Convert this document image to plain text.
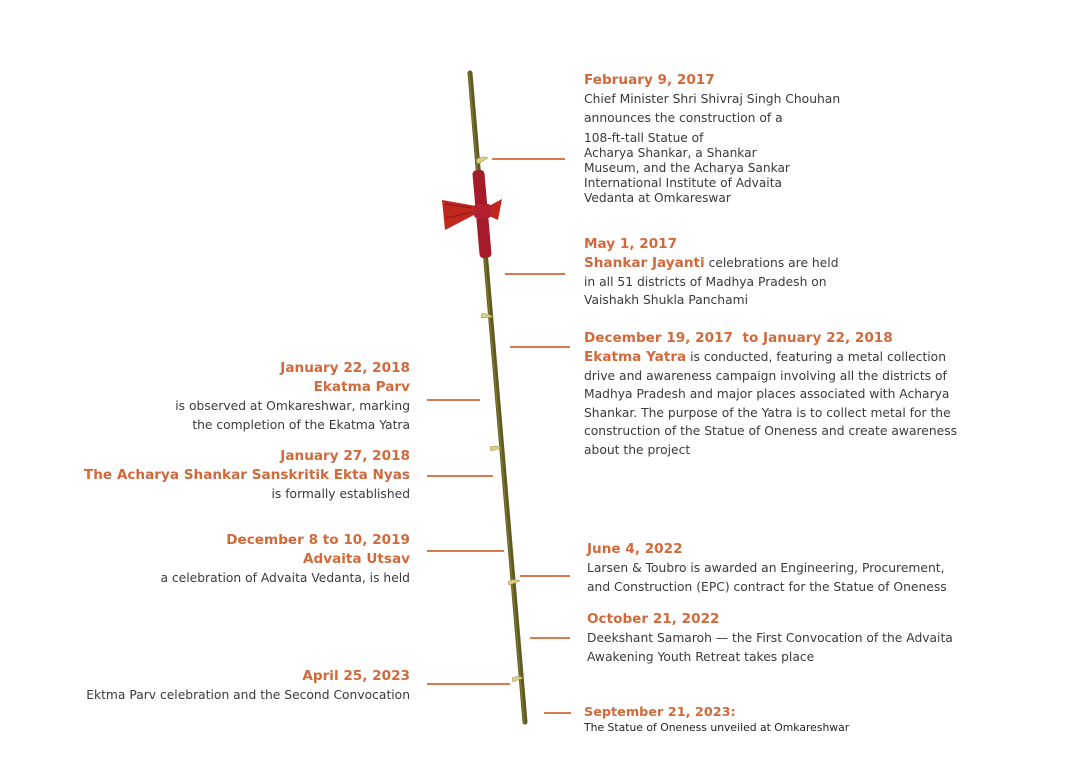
February 9, 2017
Chief Minister Shri Shivraj Singh Chouhan
announces the construction of a
108-ft-tall Statue of
Acharya Shankar, a Shankar
Museum, and the Acharya Sankar
International Institute of Advaita
Vedanta at Omkareswar
May 1, 2017
Shankar Jayanti celebrations are held
in all 51 districts of Madhya Pradesh on
Vaishakh Shukla Panchami
December 19, 2017  to January 22, 2018
Ekatma Yatra is conducted, featuring a metal collection
drive and awareness campaign involving all the districts of
Madhya Pradesh and major places associated with Acharya
Shankar. The purpose of the Yatra is to collect metal for the
construction of the Statue of Oneness and create awareness
about the project
January 22, 2018
Ekatma Parv
is observed at Omkareshwar, marking
the completion of the Ekatma Yatra
January 27, 2018
The Acharya Shankar Sanskritik Ekta Nyas
is formally established
December 8 to 10, 2019
Advaita Utsav
a celebration of Advaita Vedanta, is held
June 4, 2022
Larsen & Toubro is awarded an Engineering, Procurement,
and Construction (EPC) contract for the Statue of Oneness
October 21, 2022
Deekshant Samaroh — the First Convocation of the Advaita
Awakening Youth Retreat takes place
April 25, 2023
Ektma Parv celebration and the Second Convocation
September 21, 2023:
The Statue of Oneness unveiled at Omkareshwar
